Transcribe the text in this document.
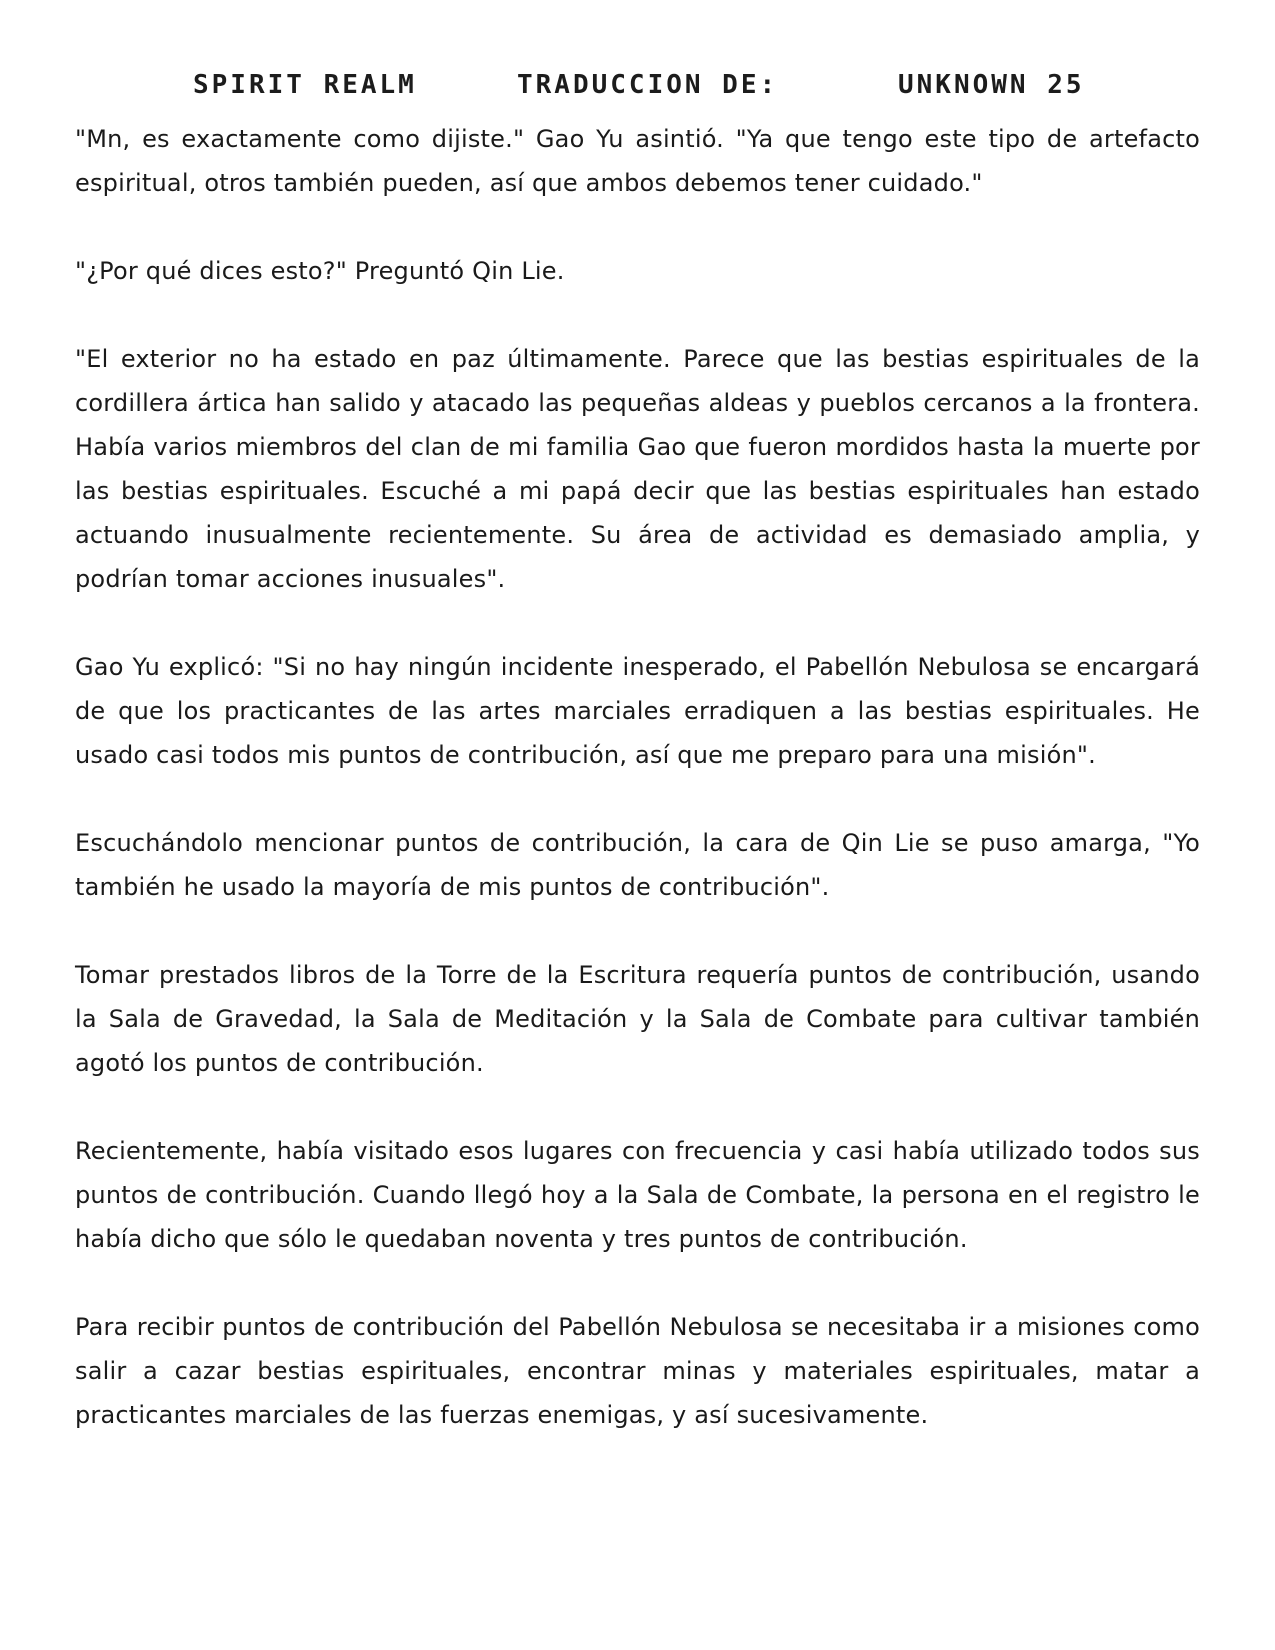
SPIRIT REALM	TRADUCCION DE:	UNKNOWN 25

"Mn, es exactamente como dijiste." Gao Yu asintió. "Ya que tengo este tipo de artefacto espiritual, otros también pueden, así que ambos debemos tener cuidado."

"¿Por qué dices esto?" Preguntó Qin Lie.

"El exterior no ha estado en paz últimamente. Parece que las bestias espirituales de la cordillera ártica han salido y atacado las pequeñas aldeas y pueblos cercanos a la frontera. Había varios miembros del clan de mi familia Gao que fueron mordidos hasta la muerte por las bestias espirituales. Escuché a mi papá decir que las bestias espirituales han estado actuando inusualmente recientemente. Su área de actividad es demasiado amplia, y podrían tomar acciones inusuales".

Gao Yu explicó: "Si no hay ningún incidente inesperado, el Pabellón Nebulosa se encargará de que los practicantes de las artes marciales erradiquen a las bestias espirituales. He usado casi todos mis puntos de contribución, así que me preparo para una misión".

Escuchándolo mencionar puntos de contribución, la cara de Qin Lie se puso amarga, "Yo también he usado la mayoría de mis puntos de contribución".

Tomar prestados libros de la Torre de la Escritura requería puntos de contribución, usando la Sala de Gravedad, la Sala de Meditación y la Sala de Combate para cultivar también agotó los puntos de contribución.

Recientemente, había visitado esos lugares con frecuencia y casi había utilizado todos sus puntos de contribución. Cuando llegó hoy a la Sala de Combate, la persona en el registro le había dicho que sólo le quedaban noventa y tres puntos de contribución.

Para recibir puntos de contribución del Pabellón Nebulosa se necesitaba ir a misiones como salir a cazar bestias espirituales, encontrar minas y materiales espirituales, matar a practicantes marciales de las fuerzas enemigas, y así sucesivamente.
